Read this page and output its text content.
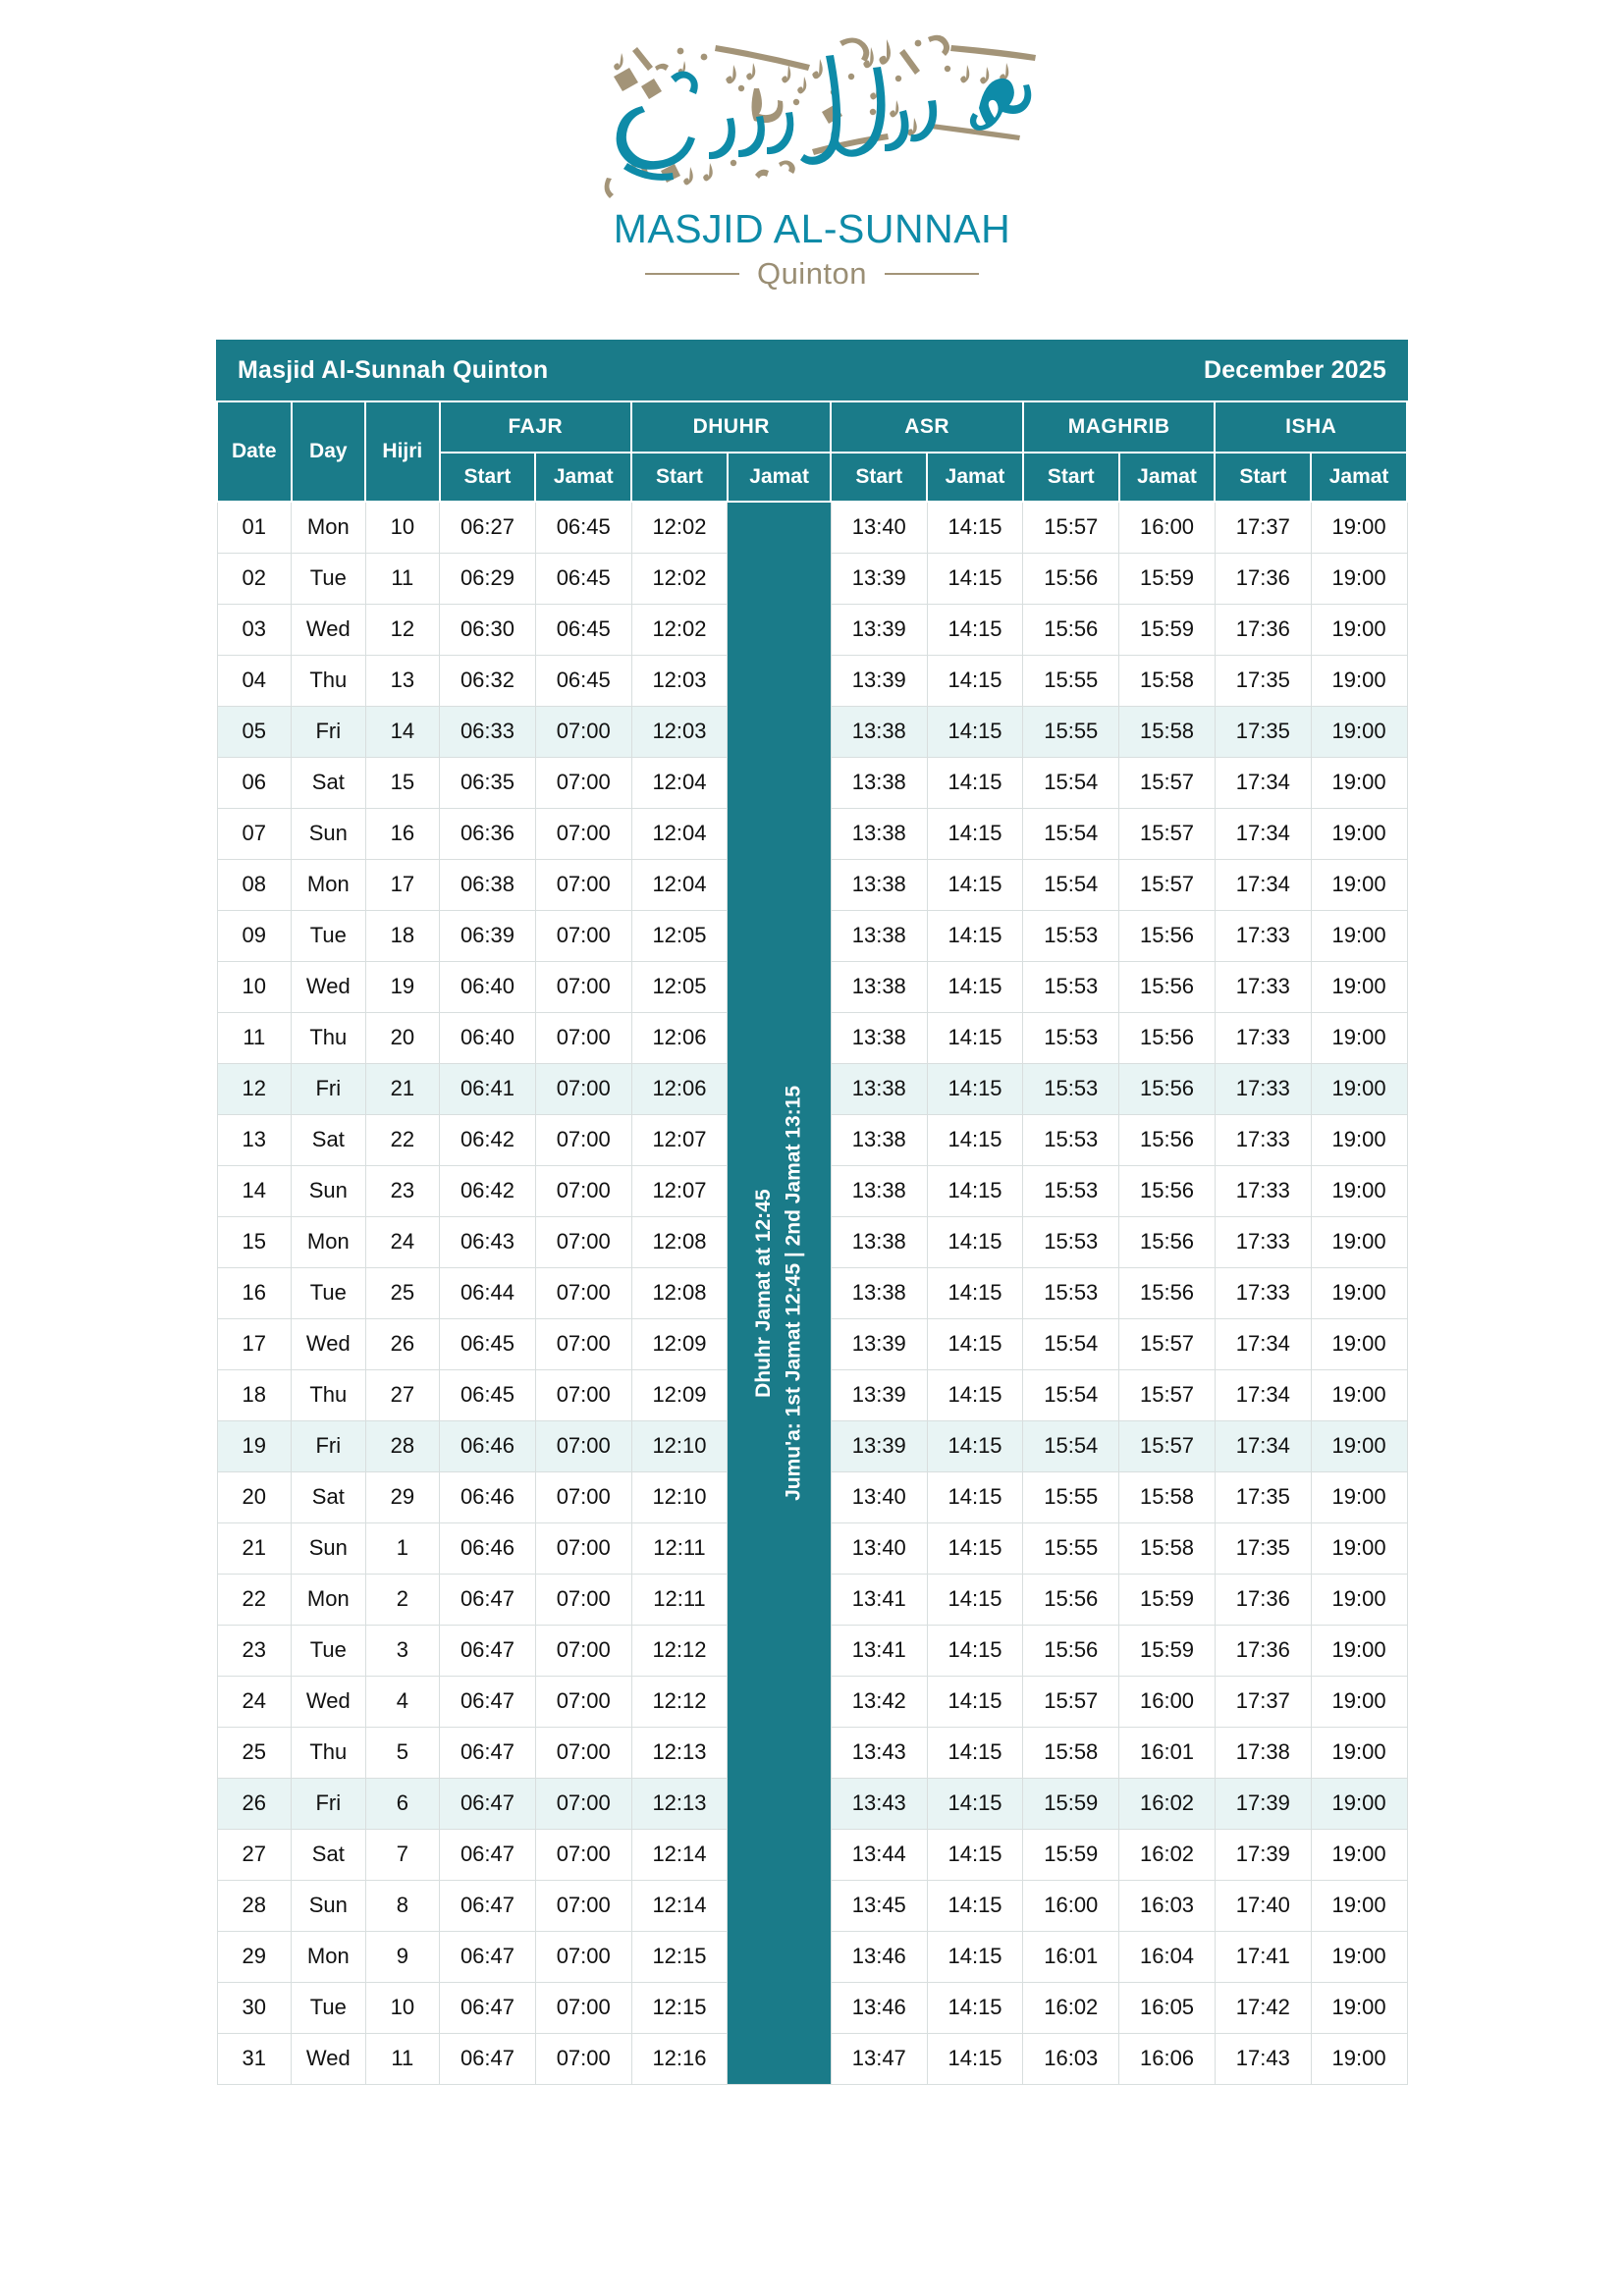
MASJID AL-SUNNAH
Quinton
Masjid Al-Sunnah Quinton	December 2025
Date	Day	Hijri	FAJR		DHUHR		ASR		MAGHRIB		ISHA	
			Start	Jamat	Start	Jamat	Start	Jamat	Start	Jamat	Start	Jamat
01	Mon	10	06:27	06:45	12:02	Dhuhr Jamat at 12:45 Jumu'a: 1st Jamat 12:45 | 2nd Jamat 13:15	13:40	14:15	15:57	16:00	17:37	19:00
02	Tue	11	06:29	06:45	12:02		13:39	14:15	15:56	15:59	17:36	19:00
03	Wed	12	06:30	06:45	12:02		13:39	14:15	15:56	15:59	17:36	19:00
04	Thu	13	06:32	06:45	12:03		13:39	14:15	15:55	15:58	17:35	19:00
05	Fri	14	06:33	07:00	12:03		13:38	14:15	15:55	15:58	17:35	19:00
06	Sat	15	06:35	07:00	12:04		13:38	14:15	15:54	15:57	17:34	19:00
07	Sun	16	06:36	07:00	12:04		13:38	14:15	15:54	15:57	17:34	19:00
08	Mon	17	06:38	07:00	12:04		13:38	14:15	15:54	15:57	17:34	19:00
09	Tue	18	06:39	07:00	12:05		13:38	14:15	15:53	15:56	17:33	19:00
10	Wed	19	06:40	07:00	12:05		13:38	14:15	15:53	15:56	17:33	19:00
11	Thu	20	06:40	07:00	12:06		13:38	14:15	15:53	15:56	17:33	19:00
12	Fri	21	06:41	07:00	12:06		13:38	14:15	15:53	15:56	17:33	19:00
13	Sat	22	06:42	07:00	12:07		13:38	14:15	15:53	15:56	17:33	19:00
14	Sun	23	06:42	07:00	12:07		13:38	14:15	15:53	15:56	17:33	19:00
15	Mon	24	06:43	07:00	12:08		13:38	14:15	15:53	15:56	17:33	19:00
16	Tue	25	06:44	07:00	12:08		13:38	14:15	15:53	15:56	17:33	19:00
17	Wed	26	06:45	07:00	12:09		13:39	14:15	15:54	15:57	17:34	19:00
18	Thu	27	06:45	07:00	12:09		13:39	14:15	15:54	15:57	17:34	19:00
19	Fri	28	06:46	07:00	12:10		13:39	14:15	15:54	15:57	17:34	19:00
20	Sat	29	06:46	07:00	12:10		13:40	14:15	15:55	15:58	17:35	19:00
21	Sun	1	06:46	07:00	12:11		13:40	14:15	15:55	15:58	17:35	19:00
22	Mon	2	06:47	07:00	12:11		13:41	14:15	15:56	15:59	17:36	19:00
23	Tue	3	06:47	07:00	12:12		13:41	14:15	15:56	15:59	17:36	19:00
24	Wed	4	06:47	07:00	12:12		13:42	14:15	15:57	16:00	17:37	19:00
25	Thu	5	06:47	07:00	12:13		13:43	14:15	15:58	16:01	17:38	19:00
26	Fri	6	06:47	07:00	12:13		13:43	14:15	15:59	16:02	17:39	19:00
27	Sat	7	06:47	07:00	12:14		13:44	14:15	15:59	16:02	17:39	19:00
28	Sun	8	06:47	07:00	12:14		13:45	14:15	16:00	16:03	17:40	19:00
29	Mon	9	06:47	07:00	12:15		13:46	14:15	16:01	16:04	17:41	19:00
30	Tue	10	06:47	07:00	12:15		13:46	14:15	16:02	16:05	17:42	19:00
31	Wed	11	06:47	07:00	12:16		13:47	14:15	16:03	16:06	17:43	19:00
